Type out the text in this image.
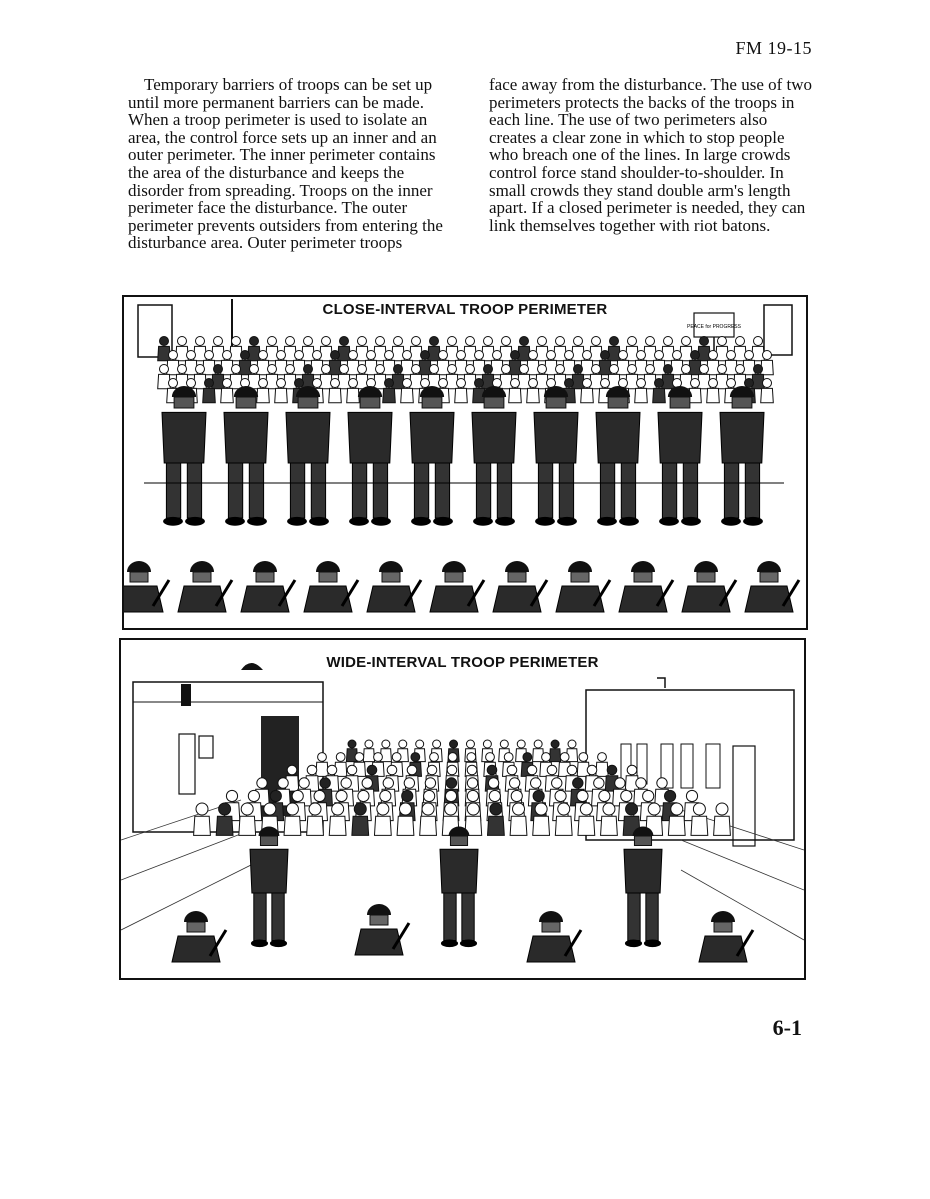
FM 19-15

Temporary barriers of troops can be set up until more permanent barriers can be made. When a troop perimeter is used to isolate an area, the control force sets up an inner and an outer perimeter. The inner perimeter contains the area of the disturbance and keeps the disorder from spreading. Troops on the inner perimeter face the disturbance. The outer perimeter prevents outsiders from entering the disturbance area. Outer perimeter troops

face away from the disturbance. The use of two perimeters protects the backs of the troops in each line. The use of two perimeters also creates a clear zone in which to stop people who breach one of the lines. In large crowds control force stand shoulder-to-shoulder. In small crowds they stand double arm's length apart. If a closed perimeter is needed, they can link themselves together with riot batons.

CLOSE-INTERVAL TROOP PERIMETER
PEACE for PROGRESS
WIDE-INTERVAL TROOP PERIMETER
6-1
